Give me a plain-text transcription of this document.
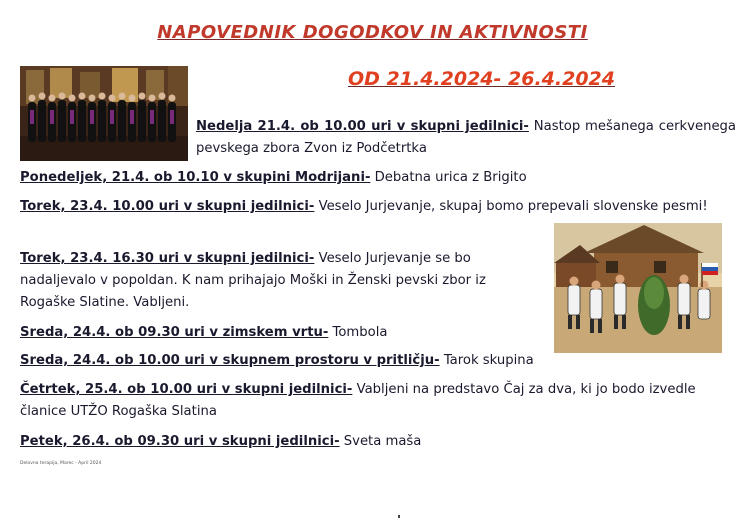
NAPOVEDNIK DOGODKOV IN AKTIVNOSTI
OD 21.4.2024- 26.4.2024
Nedelja 21.4. ob 10.00 uri v skupni jedilnici- Nastop mešanega cerkvenega pevskega zbora Zvon iz Podčetrtka
Ponedeljek, 21.4. ob 10.10 v skupini Modrijani- Debatna urica z Brigito
Torek, 23.4. 10.00 uri v skupni jedilnici- Veselo Jurjevanje, skupaj bomo prepevali slovenske pesmi!
Torek, 23.4. 16.30 uri v skupni jedilnici- Veselo Jurjevanje se bo nadaljevalo v popoldan. K nam prihajajo Moški in Ženski pevski zbor iz Rogaške Slatine. Vabljeni.
Sreda, 24.4. ob 09.30 uri v zimskem vrtu- Tombola
Sreda, 24.4. ob 10.00 uri v skupnem prostoru v pritličju- Tarok skupina
Četrtek, 25.4. ob 10.00 uri v skupni jedilnici- Vabljeni na predstavo Čaj za dva, ki jo bodo izvedle članice UTŽO Rogaška Slatina
Petek, 26.4. ob 09.30 uri v skupni jedilnici- Sveta maša
Delovna terapija, Marec - April 2024
